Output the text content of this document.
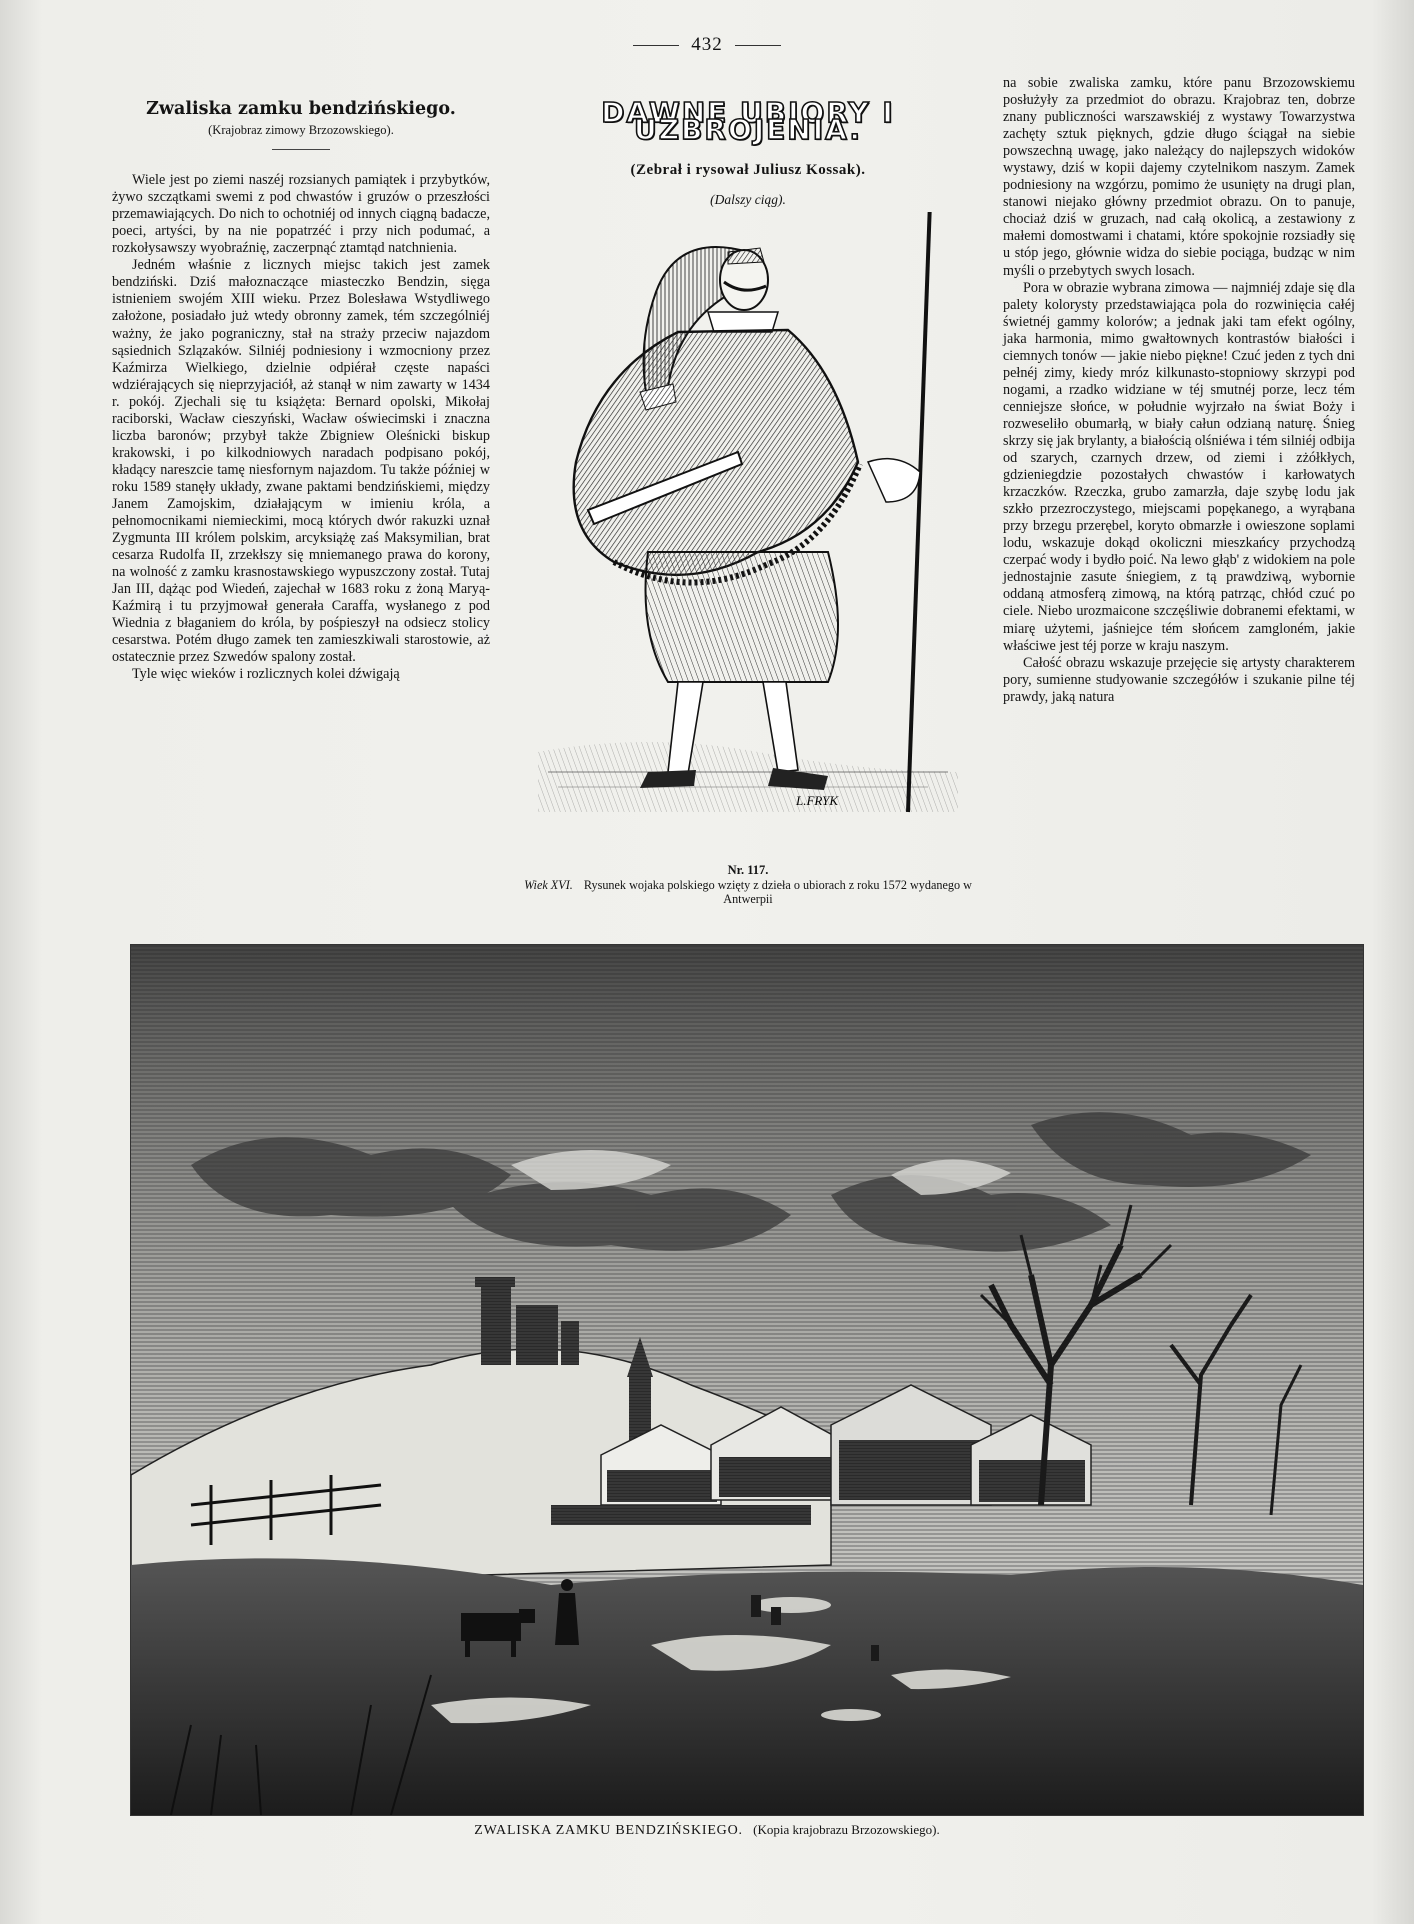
432
Zwaliska zamku bendzińskiego.
(Krajobraz zimowy Brzozowskiego).

Wiele jest po ziemi naszéj rozsianych pamiątek i przybytków, żywo szczątkami swemi z pod chwastów i gruzów o przeszłości przemawiających. Do nich to ochotniéj od innych ciągną badacze, poeci, artyści, by na nie popatrzéć i przy nich podumać, a rozkołysawszy wyobraźnię, zaczerpnąć ztamtąd natchnienia.

Jedném właśnie z licznych miejsc takich jest zamek bendziński. Dziś małoznaczące miasteczko Bendzin, sięga istnieniem swojém XIII wieku. Przez Bolesława Wstydliwego założone, posiadało już wtedy obronny zamek, tém szczególniéj ważny, że jako pograniczny, stał na straży przeciw najazdom sąsiednich Szlązaków. Silniéj podniesiony i wzmocniony przez Kaźmirza Wielkiego, dzielnie odpiérał częste napaści wdziérających się nieprzyjaciół, aż stanął w nim zawarty w 1434 r. pokój. Zjechali się tu książęta: Bernard opolski, Mikołaj raciborski, Wacław cieszyński, Wacław oświecimski i znaczna liczba baronów; przybył także Zbigniew Oleśnicki biskup krakowski, i po kilkodniowych naradach podpisano pokój, kładący nareszcie tamę niesfornym najazdom. Tu także później w roku 1589 stanęły układy, zwane paktami bendzińskiemi, między Janem Zamojskim, działającym w imieniu króla, a pełnomocnikami niemieckimi, mocą których dwór rakuzki uznał Zygmunta III królem polskim, arcyksiążę zaś Maksymilian, brat cesarza Rudolfa II, zrzekłszy się mniemanego prawa do korony, na wolność z zamku krasnostawskiego wypuszczony został. Tutaj Jan III, dążąc pod Wiedeń, zajechał w 1683 roku z żoną Maryą-Kaźmirą i tu przyjmował generała Caraffa, wysłanego z pod Wiednia z błaganiem do króla, by pośpieszył na odsiecz stolicy cesarstwa. Potém długo zamek ten zamieszkiwali starostowie, aż ostatecznie przez Szwedów spalony został.

Tyle więc wieków i rozlicznych kolei dźwigają

DAWNE UBIORY I UZBROJENIA.
(Zebrał i rysował Juliusz Kossak).
(Dalszy ciąg).
L.FRYK
Nr. 117.
Wiek XVI. Rysunek wojaka polskiego wzięty z dzieła o ubiorach z roku 1572 wydanego w Antwerpii

na sobie zwaliska zamku, które panu Brzozowskiemu posłużyły za przedmiot do obrazu. Krajobraz ten, dobrze znany publiczności warszawskiéj z wystawy Towarzystwa zachęty sztuk pięknych, gdzie długo ściągał na siebie powszechną uwagę, jako należący do najlepszych widoków wystawy, dziś w kopii dajemy czytelnikom naszym. Zamek podniesiony na wzgórzu, pomimo że usunięty na drugi plan, stanowi niejako główny przedmiot obrazu. On to panuje, chociaż dziś w gruzach, nad całą okolicą, a zestawiony z małemi domostwami i chatami, które spokojnie rozsiadły się u stóp jego, głównie widza do siebie pociąga, budząc w nim myśli o przebytych swych losach.

Pora w obrazie wybrana zimowa — najmniéj zdaje się dla palety kolorysty przedstawiająca pola do rozwinięcia całéj świetnéj gammy kolorów; a jednak jaki tam efekt ogólny, jaka harmonia, mimo gwałtownych kontrastów białości i ciemnych tonów — jakie niebo piękne! Czuć jeden z tych dni pełnéj zimy, kiedy mróz kilkunasto-stopniowy skrzypi pod nogami, a rzadko widziane w téj smutnéj porze, lecz tém cenniejsze słońce, w południe wyjrzało na świat Boży i rozweseliło obumarłą, w biały całun odzianą naturę. Śnieg skrzy się jak brylanty, a białością olśniéwa i tém silniéj odbija od szarych, czarnych drzew, od ziemi i zżółkłych, gdzieniegdzie pozostałych chwastów i karłowatych krzaczków. Rzeczka, grubo zamarzła, daje szybę lodu jak szkło przezroczystego, miejscami popękanego, a wyrąbana przy brzegu przerębel, koryto obmarzłe i owieszone soplami lodu, wskazuje dokąd okoliczni mieszkańcy przychodzą czerpać wody i bydło poić. Na lewo głąb' z widokiem na pole jednostajnie zasute śniegiem, z tą prawdziwą, wybornie oddaną atmosferą zimową, na którą patrząc, chłód czuć po ciele. Niebo urozmaicone szczęśliwie dobranemi efektami, w miarę użytemi, jaśniejce tém słońcem zamgloném, jakie właściwe jest téj porze w kraju naszym.

Całość obrazu wskazuje przejęcie się artysty charakterem pory, sumienne studyowanie szczegółów i szukanie pilne téj prawdy, jaką natura

ZWALISKA ZAMKU BENDZIŃSKIEGO. (Kopia krajobrazu Brzozowskiego).
